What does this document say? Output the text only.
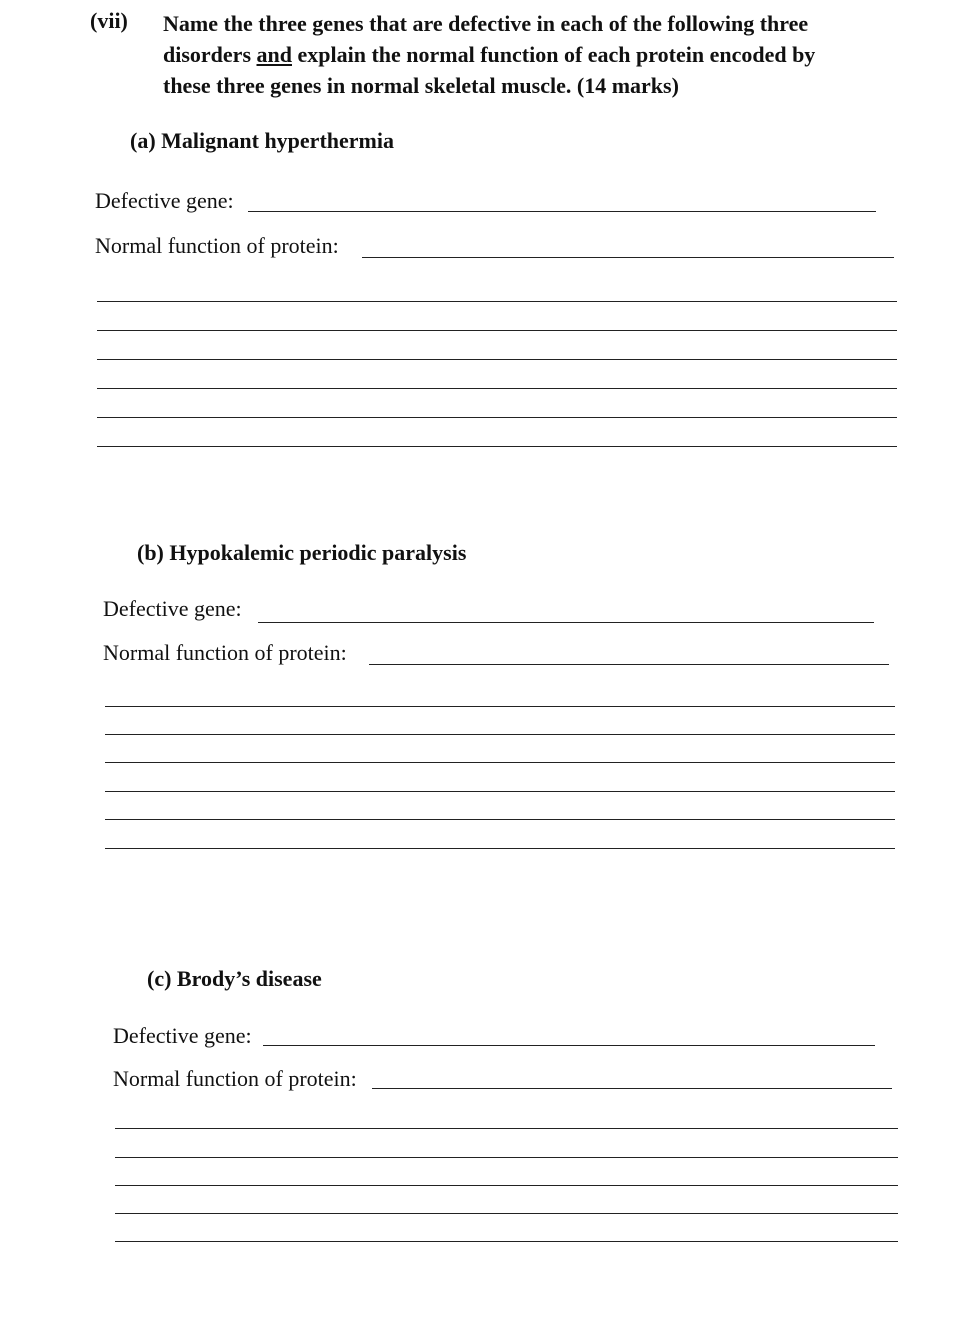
(vii) Name the three genes that are defective in each of the following three disorders and explain the normal function of each protein encoded by these three genes in normal skeletal muscle. (14 marks)
(a) Malignant hyperthermia
Defective gene:
Normal function of protein:
(b) Hypokalemic periodic paralysis
Defective gene:
Normal function of protein:
(c) Brody’s disease
Defective gene:
Normal function of protein:
